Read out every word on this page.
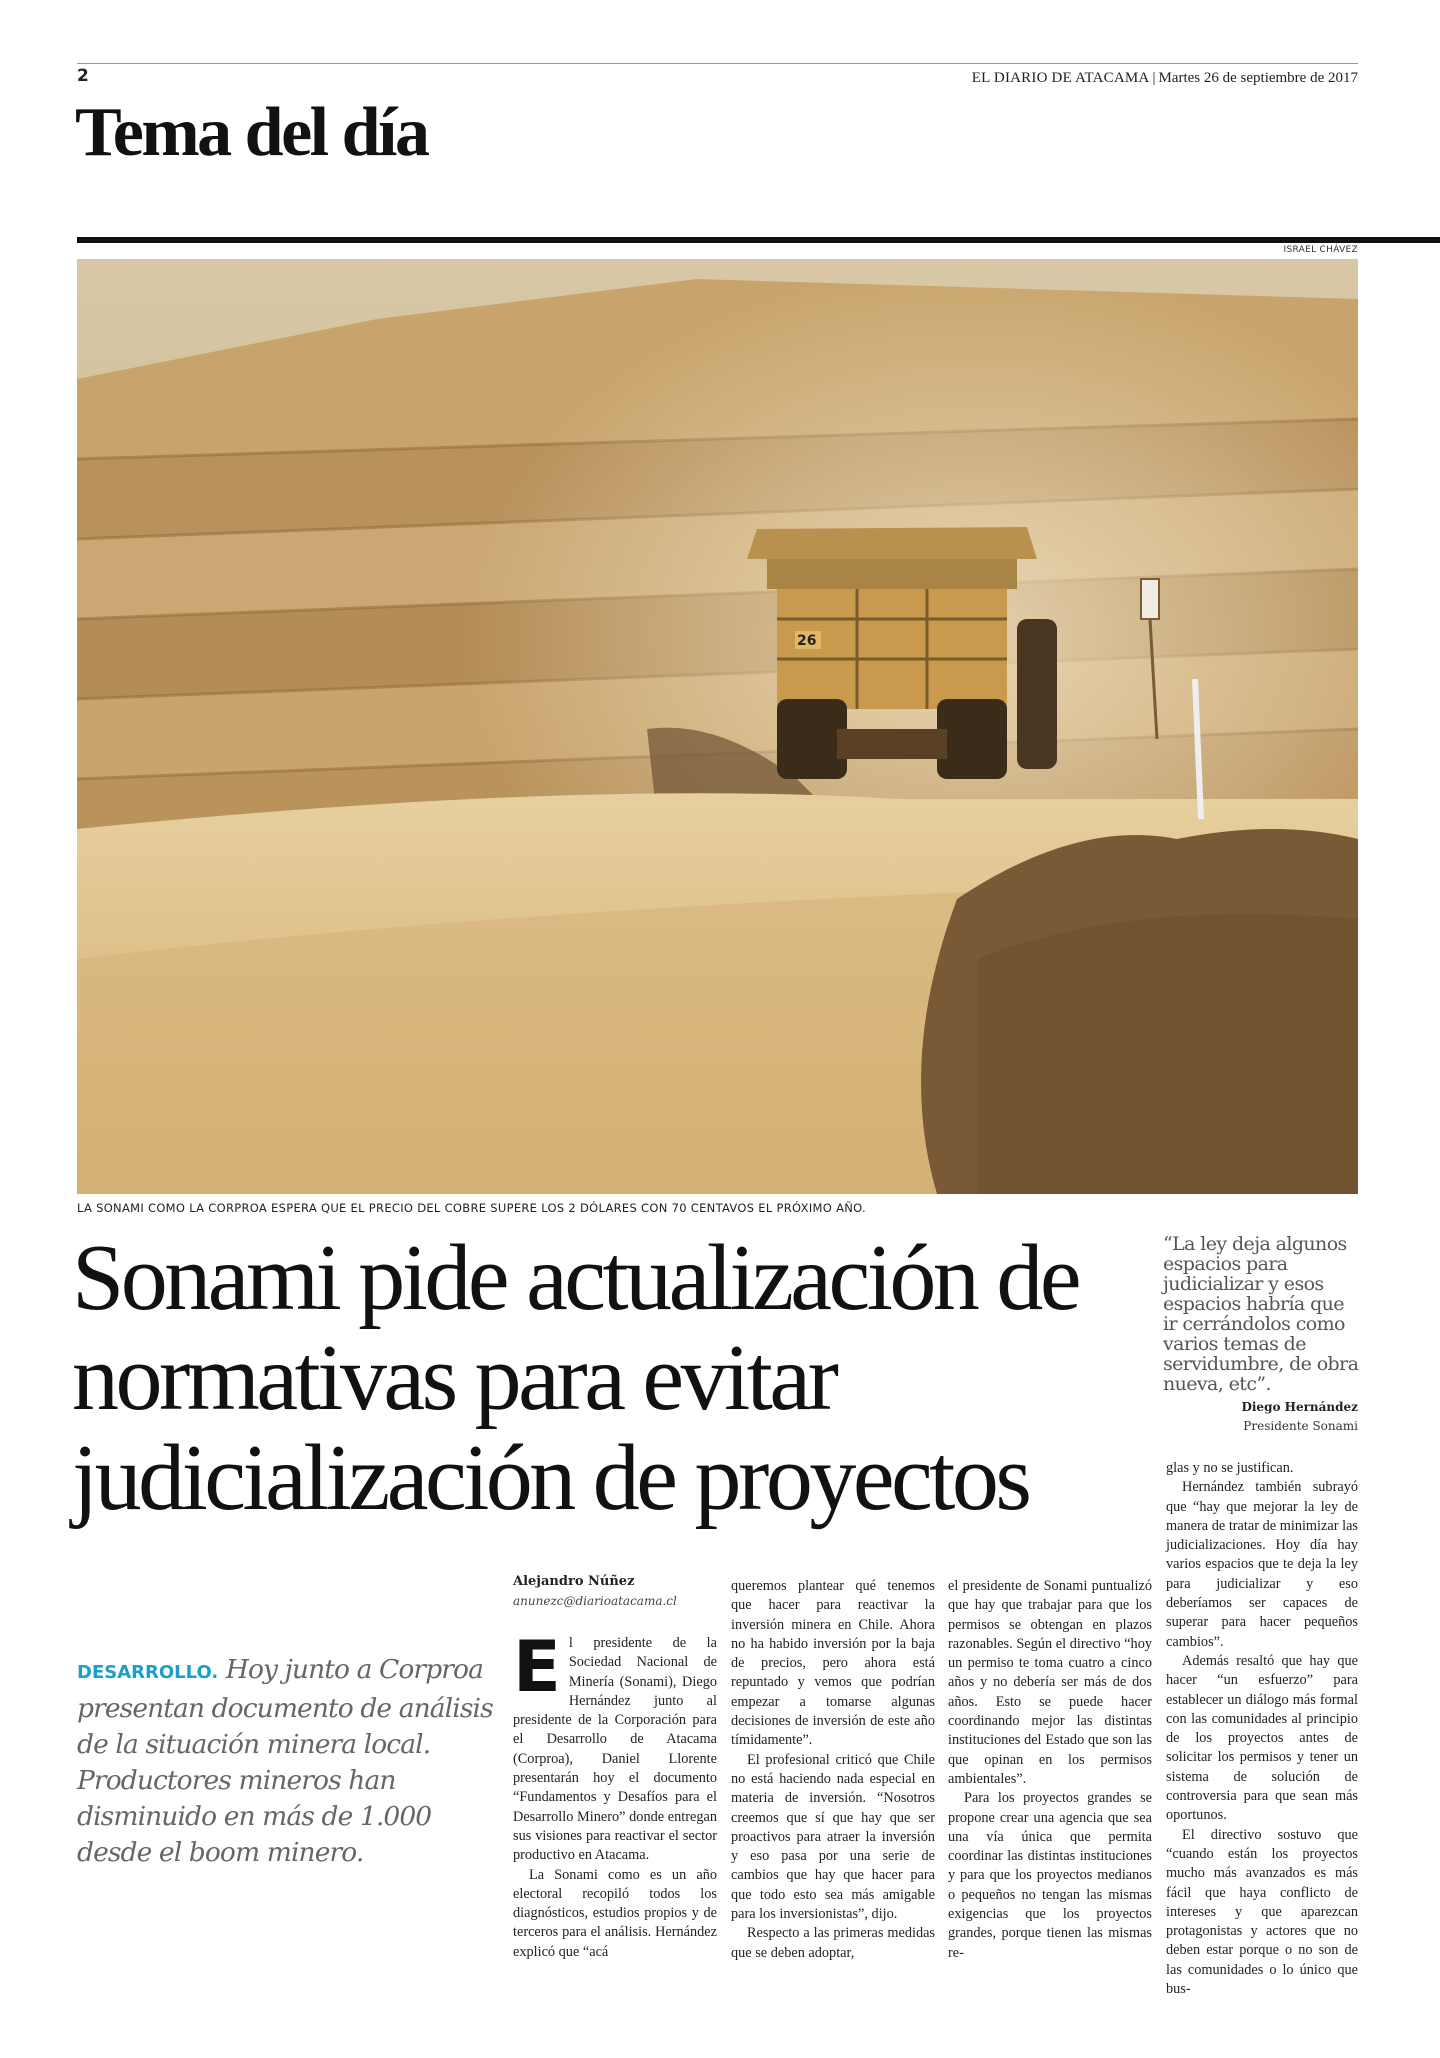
2	EL DIARIO DE ATACAMA | Martes 26 de septiembre de 2017
Tema del día
ISRAEL CHÁVEZ
26
LA SONAMI COMO LA CORPROA ESPERA QUE EL PRECIO DEL COBRE SUPERE LOS 2 DÓLARES CON 70 CENTAVOS EL PRÓXIMO AÑO.
Sonami pide actualización de normativas para evitar judicialización de proyectos
“La ley deja algunos espacios para judicializar y esos espacios habría que ir cerrándolos como varios temas de servidumbre, de obra nueva, etc”.
Diego Hernández
Presidente Sonami
DESARROLLO. Hoy junto a Corproa presentan documento de análisis de la situación minera local. Productores mineros han disminuido en más de 1.000 desde el boom minero.
Alejandro Núñez
anunezc@diarioatacama.cl

El presidente de la Sociedad Nacional de Minería (Sonami), Diego Hernández junto al presidente de la Corporación para el Desarrollo de Atacama (Corproa), Daniel Llorente presentarán hoy el documento “Fundamentos y Desafíos para el Desarrollo Minero” donde entregan sus visiones para reactivar el sector productivo en Atacama.

La Sonami como es un año electoral recopiló todos los diagnósticos, estudios propios y de terceros para el análisis. Hernández explicó que “acá

queremos plantear qué tenemos que hacer para reactivar la inversión minera en Chile. Ahora no ha habido inversión por la baja de precios, pero ahora está repuntado y vemos que podrían empezar a tomarse algunas decisiones de inversión de este año tímidamente”.

El profesional criticó que Chile no está haciendo nada especial en materia de inversión. “Nosotros creemos que sí que hay que ser proactivos para atraer la inversión y eso pasa por una serie de cambios que hay que hacer para que todo esto sea más amigable para los inversionistas”, dijo.

Respecto a las primeras medidas que se deben adoptar,

el presidente de Sonami puntualizó que hay que trabajar para que los permisos se obtengan en plazos razonables. Según el directivo “hoy un permiso te toma cuatro a cinco años y no debería ser más de dos años. Esto se puede hacer coordinando mejor las distintas instituciones del Estado que son las que opinan en los permisos ambientales”.

Para los proyectos grandes se propone crear una agencia que sea una vía única que permita coordinar las distintas instituciones y para que los proyectos medianos o pequeños no tengan las mismas exigencias que los proyectos grandes, porque tienen las mismas re-

glas y no se justifican.

Hernández también subrayó que “hay que mejorar la ley de manera de tratar de minimizar las judicializaciones. Hoy día hay varios espacios que te deja la ley para judicializar y eso deberíamos ser capaces de superar para hacer pequeños cambios”.

Además resaltó que hay que hacer “un esfuerzo” para establecer un diálogo más formal con las comunidades al principio de los proyectos antes de solicitar los permisos y tener un sistema de solución de controversia para que sean más oportunos.

El directivo sostuvo que “cuando están los proyectos mucho más avanzados es más fácil que haya conflicto de intereses y que aparezcan protagonistas y actores que no deben estar porque o no son de las comunidades o lo único que bus-
